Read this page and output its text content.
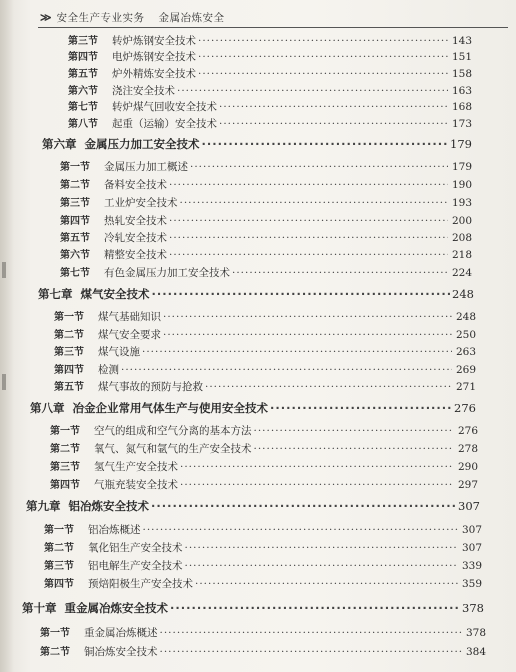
≫ 安全生产专业实务 金属冶炼安全
第三节	转炉炼钢安全技术 ·····	143
第四节	电炉炼钢安全技术 ·····	151
第五节	炉外精炼安全技术 ·····	158
第六节	浇注安全技术 ·····	163
第七节	转炉煤气回收安全技术 ·····	168
第八节	起重（运输）安全技术 ·····	173
第六章 金属压力加工安全技术 ·····	179
第一节	金属压力加工概述 ·····	179
第二节	备料安全技术 ·····	190
第三节	工业炉安全技术 ·····	193
第四节	热轧安全技术 ·····	200
第五节	冷轧安全技术 ·····	208
第六节	精整安全技术 ·····	218
第七节	有色金属压力加工安全技术 ·····	224
第七章 煤气安全技术 ·····	248
第一节	煤气基础知识 ·····	248
第二节	煤气安全要求 ·····	250
第三节	煤气设施 ·····	263
第四节	检测 ·····	269
第五节	煤气事故的预防与抢救 ·····	271
第八章 冶金企业常用气体生产与使用安全技术 ·····	276
第一节	空气的组成和空气分离的基本方法 ·····	276
第二节	氧气、氮气和氩气的生产安全技术 ·····	278
第三节	氢气生产安全技术 ·····	290
第四节	气瓶充装安全技术 ·····	297
第九章 铝冶炼安全技术 ·····	307
第一节	铝冶炼概述 ·····	307
第二节	氧化铝生产安全技术 ·····	307
第三节	铝电解生产安全技术 ·····	339
第四节	预焙阳极生产安全技术 ·····	359
第十章 重金属冶炼安全技术 ·····	378
第一节	重金属冶炼概述 ·····	378
第二节	铜冶炼安全技术 ·····	384
